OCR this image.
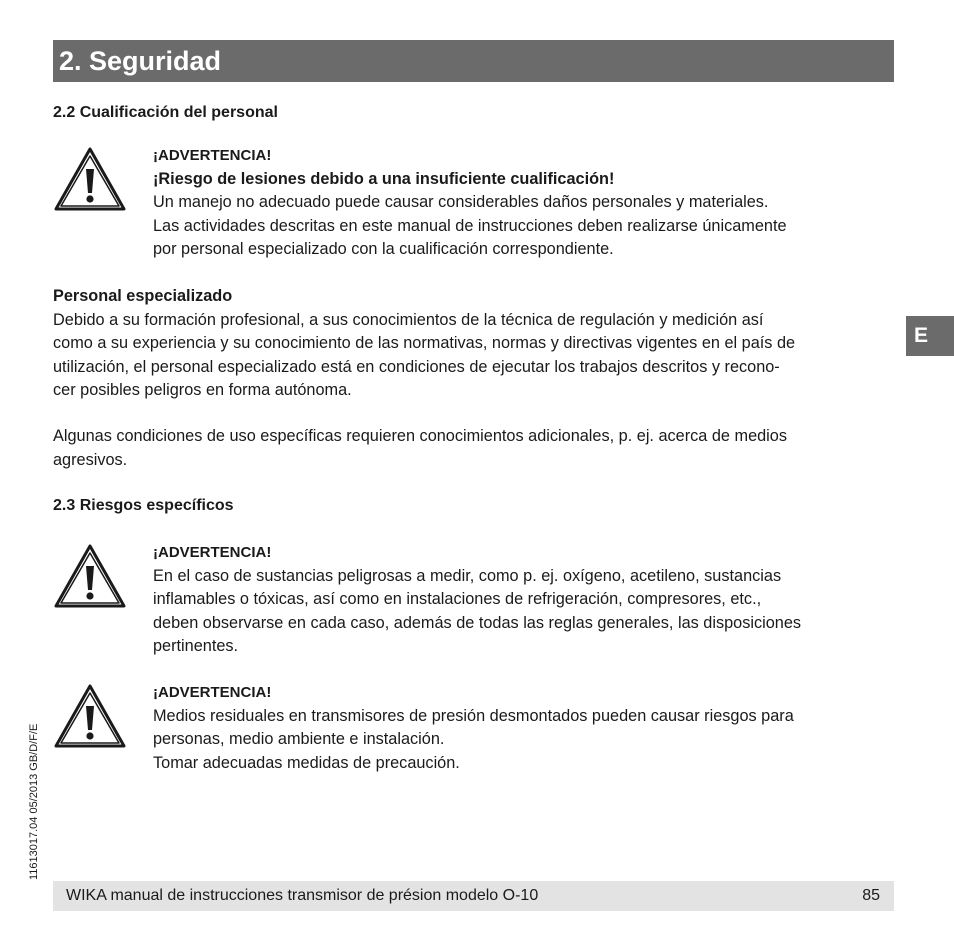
2. Seguridad
2.2 Cualificación del personal
¡ADVERTENCIA!
¡Riesgo de lesiones debido a una insuficiente cualificación!
Un manejo no adecuado puede causar considerables daños personales y materiales.
Las actividades descritas en este manual de instrucciones deben realizarse únicamente
por personal especializado con la cualificación correspondiente.
Personal especializado
Debido a su formación profesional, a sus conocimientos de la técnica de regulación y medición así
como a su experiencia y su conocimiento de las normativas, normas y directivas vigentes en el país de
utilización, el personal especializado está en condiciones de ejecutar los trabajos descritos y recono-
cer posibles peligros en forma autónoma.
Algunas condiciones de uso específicas requieren conocimientos adicionales, p. ej. acerca de medios
agresivos.
2.3 Riesgos específicos
¡ADVERTENCIA!
En el caso de sustancias peligrosas a medir, como p. ej. oxígeno, acetileno, sustancias
inflamables o tóxicas, así como en instalaciones de refrigeración, compresores, etc.,
deben observarse en cada caso, además de todas las reglas generales, las disposiciones
pertinentes.
¡ADVERTENCIA!
Medios residuales en transmisores de presión desmontados pueden causar riesgos para
personas, medio ambiente e instalación.
Tomar adecuadas medidas de precaución.
E
11613017.04 05/2013 GB/D/F/E
WIKA manual de instrucciones transmisor de présion modelo O-10	85
